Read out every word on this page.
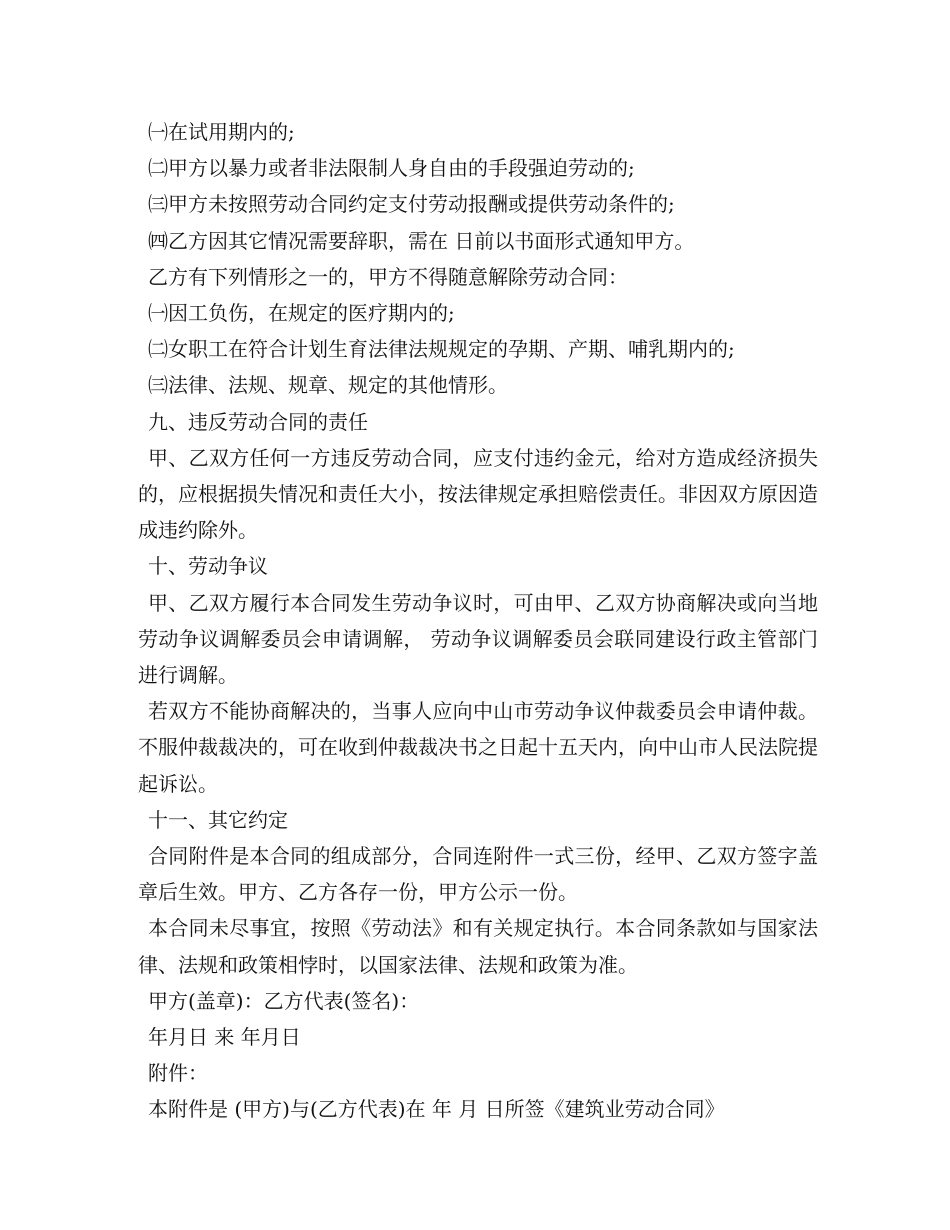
㈠在试用期内的;

㈡甲方以暴力或者非法限制人身自由的手段强迫劳动的;

㈢甲方未按照劳动合同约定支付劳动报酬或提供劳动条件的;

㈣乙方因其它情况需要辞职，需在 日前以书面形式通知甲方。

乙方有下列情形之一的，甲方不得随意解除劳动合同：

㈠因工负伤，在规定的医疗期内的;

㈡女职工在符合计划生育法律法规规定的孕期、产期、哺乳期内的;

㈢法律、法规、规章、规定的其他情形。

九、违反劳动合同的责任

甲、乙双方任何一方违反劳动合同，应支付违约金元，给对方造成经济损失的，应根据损失情况和责任大小，按法律规定承担赔偿责任。非因双方原因造成违约除外。

十、劳动争议

甲、乙双方履行本合同发生劳动争议时，可由甲、乙双方协商解决或向当地劳动争议调解委员会申请调解， 劳动争议调解委员会联同建设行政主管部门进行调解。

若双方不能协商解决的，当事人应向中山市劳动争议仲裁委员会申请仲裁。不服仲裁裁决的，可在收到仲裁裁决书之日起十五天内，向中山市人民法院提起诉讼。

十一、其它约定

合同附件是本合同的组成部分，合同连附件一式三份，经甲、乙双方签字盖章后生效。甲方、乙方各存一份，甲方公示一份。

本合同未尽事宜，按照《劳动法》和有关规定执行。本合同条款如与国家法律、法规和政策相悖时，以国家法律、法规和政策为准。

甲方(盖章)：乙方代表(签名)：

年月日 来 年月日

附件：

本附件是 (甲方)与(乙方代表)在 年 月 日所签《建筑业劳动合同》
